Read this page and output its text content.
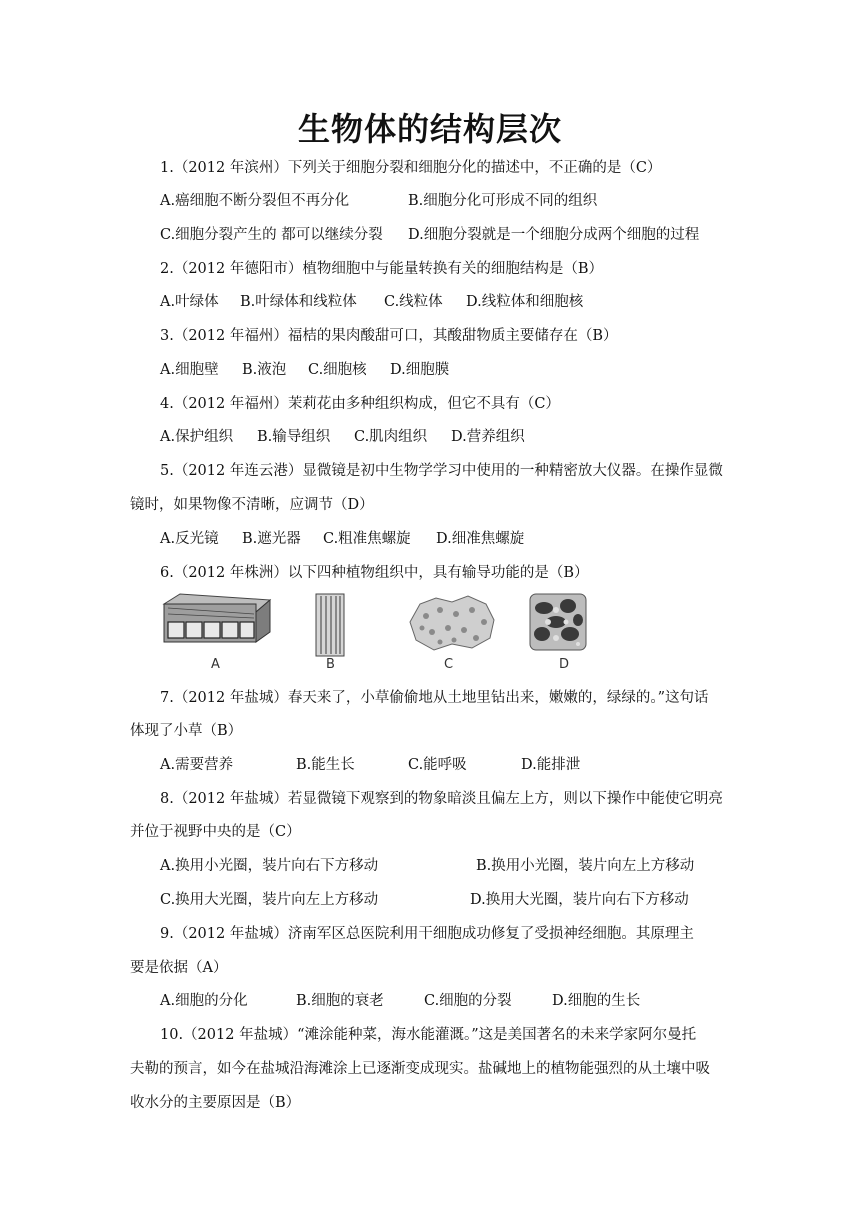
生物体的结构层次
1.（2012 年滨州）下列关于细胞分裂和细胞分化的描述中，不正确的是（C）
A.癌细胞不断分裂但不再分化	B.细胞分化可形成不同的组织
C.细胞分裂产生的 都可以继续分裂 D.细胞分裂就是一个细胞分成两个细胞的过程
2.（2012 年德阳市）植物细胞中与能量转换有关的细胞结构是（B）
A.叶绿体 B.叶绿体和线粒体 C.线粒体 D.线粒体和细胞核
3.（2012 年福州）福桔的果肉酸甜可口，其酸甜物质主要储存在（B）
A.细胞壁 B.液泡 C.细胞核 D.细胞膜
4.（2012 年福州）茉莉花由多种组织构成，但它不具有（C）
A.保护组织 B.输导组织 C.肌肉组织 D.营养组织
5.（2012 年连云港）显微镜是初中生物学学习中使用的一种精密放大仪器。在操作显微
镜时，如果物像不清晰，应调节（D）
A.反光镜 B.遮光器 C.粗准焦螺旋 D.细准焦螺旋
6.（2012 年株洲）以下四种植物组织中，具有输导功能的是（B）
A	B	C	D
7.（2012 年盐城）春天来了，小草偷偷地从土地里钻出来，嫩嫩的，绿绿的。”这句话
体现了小草（B）
A.需要营养	B.能生长	C.能呼吸	D.能排泄
8.（2012 年盐城）若显微镜下观察到的物象暗淡且偏左上方，则以下操作中能使它明亮
并位于视野中央的是（C）
A.换用小光圈，装片向右下方移动	B.换用小光圈，装片向左上方移动
C.换用大光圈，装片向左上方移动	D.换用大光圈，装片向右下方移动
9.（2012 年盐城）济南军区总医院利用干细胞成功修复了受损神经细胞。其原理主
要是依据（A）
A.细胞的分化	B.细胞的衰老	C.细胞的分裂	D.细胞的生长
10.（2012 年盐城）“滩涂能种菜，海水能灌溉。”这是美国著名的未来学家阿尔曼托
夫勒的预言，如今在盐城沿海滩涂上已逐渐变成现实。盐碱地上的植物能强烈的从土壤中吸
收水分的主要原因是（B）
